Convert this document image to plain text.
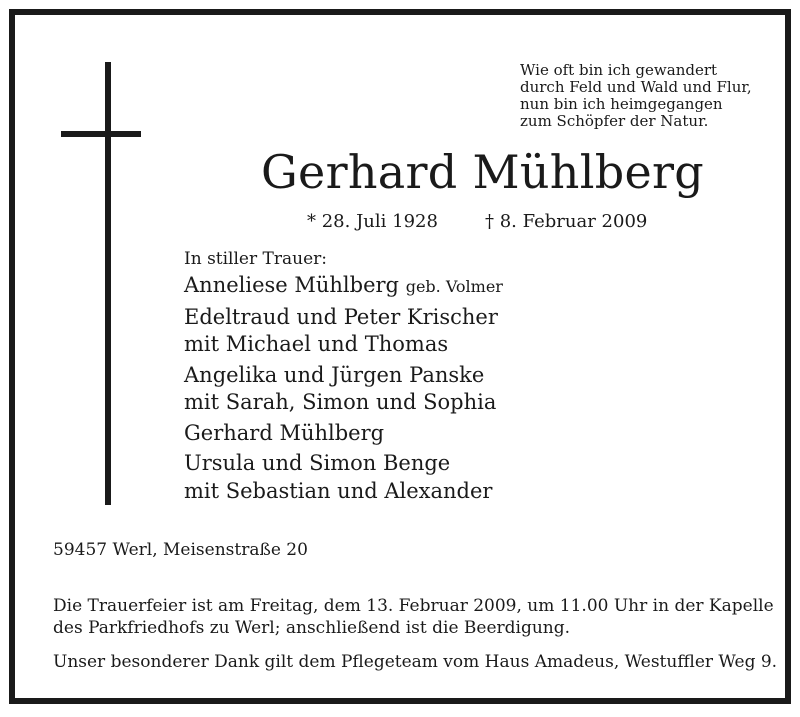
Wie oft bin ich gewandert
durch Feld und Wald und Flur,
nun bin ich heimgegangen
zum Schöpfer der Natur.
Gerhard Mühlberg
* 28. Juli 1928	† 8. Februar 2009
In stiller Trauer:
Anneliese Mühlberg geb. Volmer
Edeltraud und Peter Krischer
mit Michael und Thomas
Angelika und Jürgen Panske
mit Sarah, Simon und Sophia
Gerhard Mühlberg
Ursula und Simon Benge
mit Sebastian und Alexander
59457 Werl, Meisenstraße 20
Die Trauerfeier ist am Freitag, dem 13. Februar 2009, um 11.00 Uhr in der Kapelle
des Parkfriedhofs zu Werl; anschließend ist die Beerdigung.
Unser besonderer Dank gilt dem Pflegeteam vom Haus Amadeus, Westuffler Weg 9.
